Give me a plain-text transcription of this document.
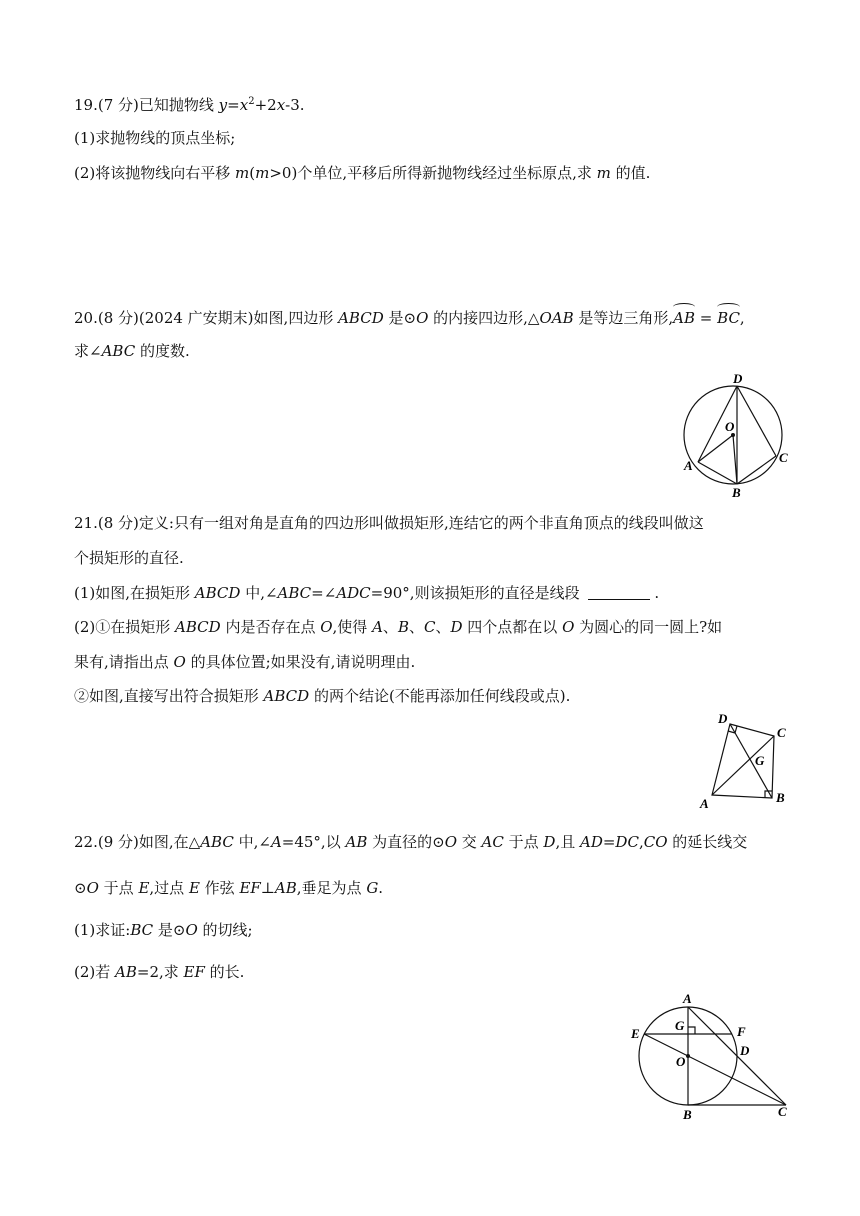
19.(7 分)已知抛物线 $y=x^2+2x-3$.
(1)求抛物线的顶点坐标;
(2)将该抛物线向右平移 m(m>0)个单位,平移后所得新抛物线经过坐标原点,求 m 的值.
20.(8 分)(2024 广安期末)如图,四边形 ABCD 是⊙O 的内接四边形,△OAB 是等边三角形,AB = BC,
求∠ABC 的度数.
D
O
A
C
B
21.(8 分)定义:只有一组对角是直角的四边形叫做损矩形,连结它的两个非直角顶点的线段叫做这
个损矩形的直径.
(1)如图,在损矩形 ABCD 中,∠ABC=∠ADC=90°,则该损矩形的直径是线段	.
(2)①在损矩形 ABCD 内是否存在点 O,使得 A、B、C、D 四个点都在以 O 为圆心的同一圆上?如
果有,请指出点 O 的具体位置;如果没有,请说明理由.
②如图,直接写出符合损矩形 ABCD 的两个结论(不能再添加任何线段或点).
D
C
G
A	B
22.(9 分)如图,在△ABC 中,∠A=45°,以 AB 为直径的⊙O 交 AC 于点 D,且 AD=DC,CO 的延长线交
⊙O 于点 E,过点 E 作弦 EF⊥AB,垂足为点 G.
(1)求证:BC 是⊙O 的切线;
(2)若 AB=2,求 EF 的长.
A
G	F
E
D
O
B	C
